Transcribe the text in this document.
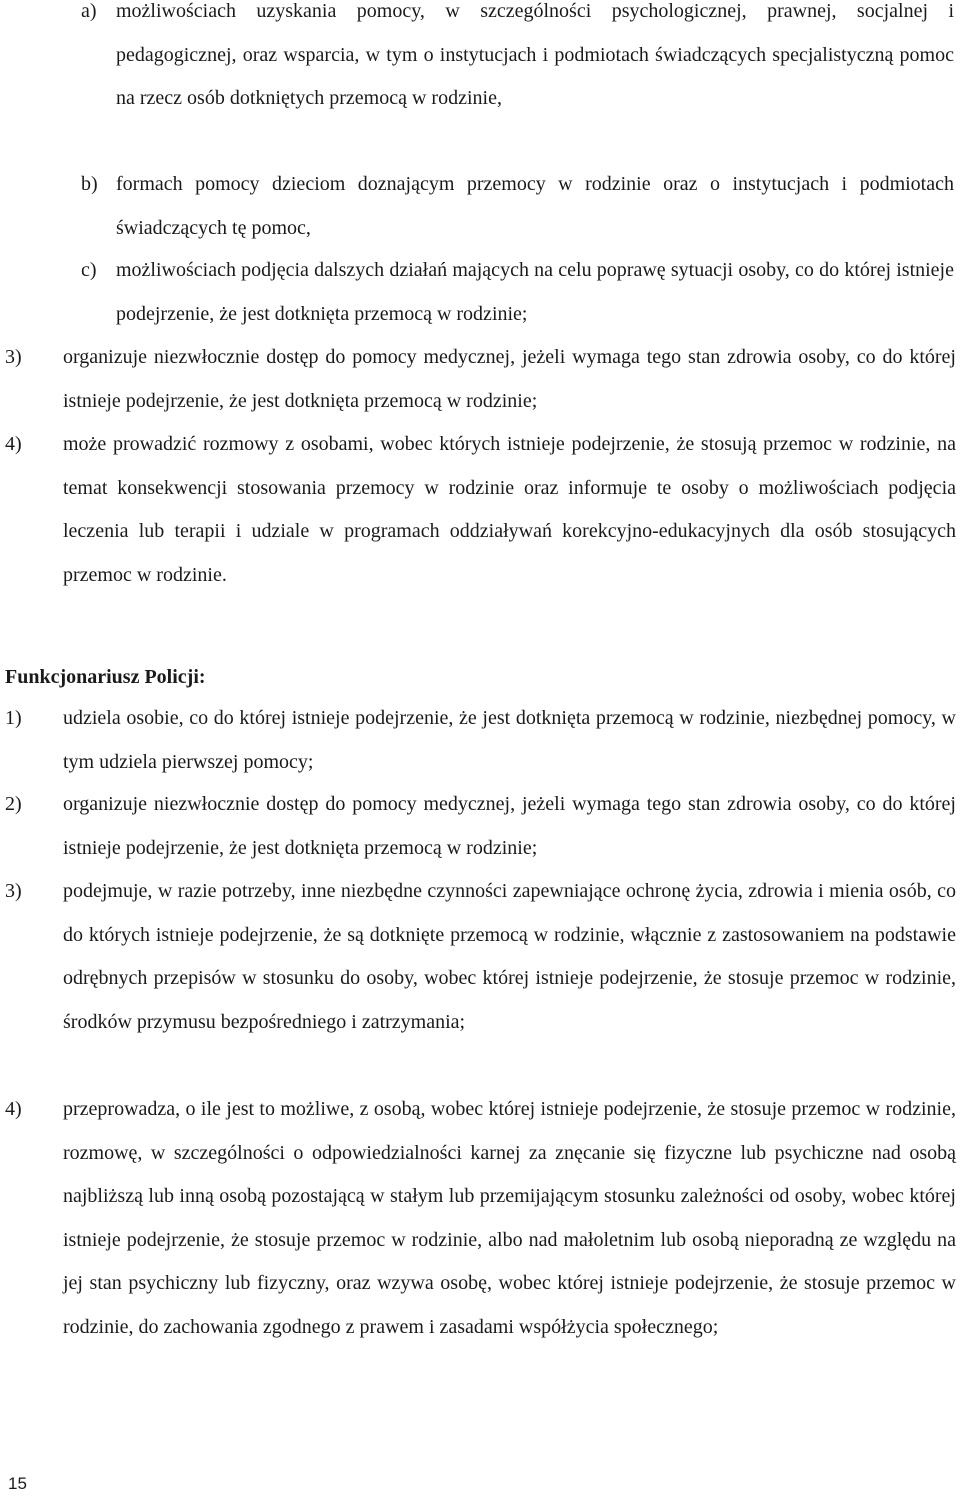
a) możliwościach uzyskania pomocy, w szczególności psychologicznej, prawnej, socjalnej i pedagogicznej, oraz wsparcia, w tym o instytucjach i podmiotach świadczących specjalistyczną pomoc na rzecz osób dotkniętych przemocą w rodzinie,
b) formach pomocy dzieciom doznającym przemocy w rodzinie oraz o instytucjach i podmiotach świadczących tę pomoc,
c) możliwościach podjęcia dalszych działań mających na celu poprawę sytuacji osoby, co do której istnieje podejrzenie, że jest dotknięta przemocą w rodzinie;
3) organizuje niezwłocznie dostęp do pomocy medycznej, jeżeli wymaga tego stan zdrowia osoby, co do której istnieje podejrzenie, że jest dotknięta przemocą w rodzinie;
4) może prowadzić rozmowy z osobami, wobec których istnieje podejrzenie, że stosują przemoc w rodzinie, na temat konsekwencji stosowania przemocy w rodzinie oraz informuje te osoby o możliwościach podjęcia leczenia lub terapii i udziale w programach oddziaływań korekcyjno-edukacyjnych dla osób stosujących przemoc w rodzinie.
Funkcjonariusz Policji:
1) udziela osobie, co do której istnieje podejrzenie, że jest dotknięta przemocą w rodzinie, niezbędnej pomocy, w tym udziela pierwszej pomocy;
2) organizuje niezwłocznie dostęp do pomocy medycznej, jeżeli wymaga tego stan zdrowia osoby, co do której istnieje podejrzenie, że jest dotknięta przemocą w rodzinie;
3) podejmuje, w razie potrzeby, inne niezbędne czynności zapewniające ochronę życia, zdrowia i mienia osób, co do których istnieje podejrzenie, że są dotknięte przemocą w rodzinie, włącznie z zastosowaniem na podstawie odrębnych przepisów w stosunku do osoby, wobec której istnieje podejrzenie, że stosuje przemoc w rodzinie, środków przymusu bezpośredniego i zatrzymania;
4) przeprowadza, o ile jest to możliwe, z osobą, wobec której istnieje podejrzenie, że stosuje przemoc w rodzinie, rozmowę, w szczególności o odpowiedzialności karnej za znęcanie się fizyczne lub psychiczne nad osobą najbliższą lub inną osobą pozostającą w stałym lub przemijającym stosunku zależności od osoby, wobec której istnieje podejrzenie, że stosuje przemoc w rodzinie, albo nad małoletnim lub osobą nieporadną ze względu na jej stan psychiczny lub fizyczny, oraz wzywa osobę, wobec której istnieje podejrzenie, że stosuje przemoc w rodzinie, do zachowania zgodnego z prawem i zasadami współżycia społecznego;
15
